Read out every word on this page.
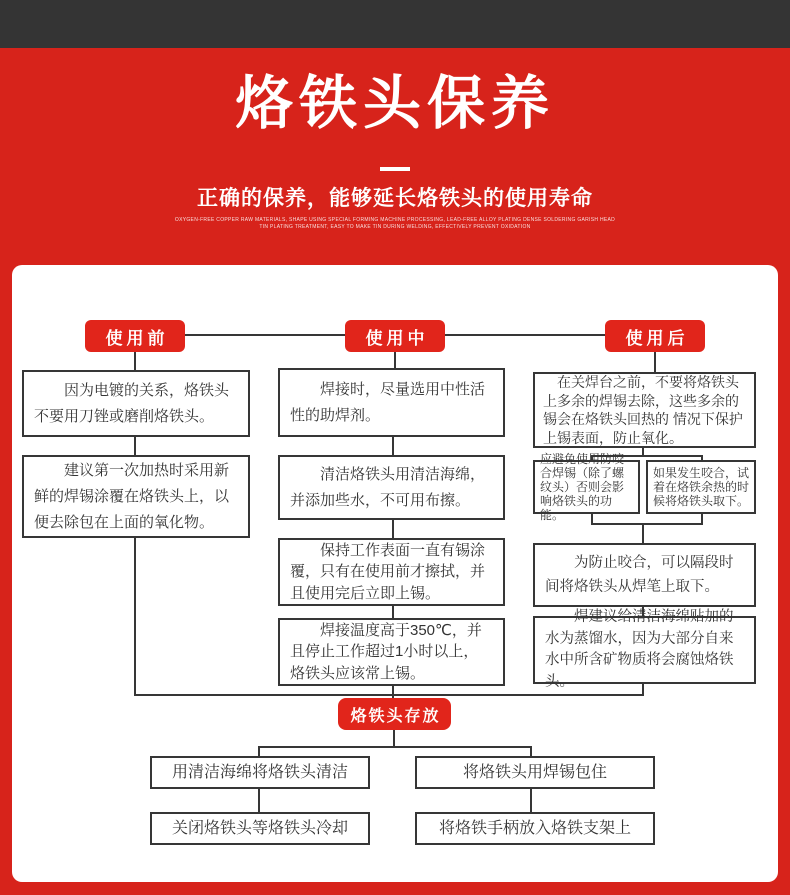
烙铁头保养
正确的保养，能够延长烙铁头的使用寿命
OXYGEN-FREE COPPER RAW MATERIALS, SHAPE USING SPECIAL FORMING MACHINE PROCESSING, LEAD-FREE ALLOY PLATING DENSE SOLDERING GARISH HEAD
TIN PLATING TREATMENT, EASY TO MAKE TIN DURING WELDING, EFFECTIVELY PREVENT OXIDATION
使用前	使用中	使用后

因为电镀的关系，烙铁头不要用刀锉或磨削烙铁头。

建议第一次加热时采用新鲜的焊锡涂覆在烙铁头上，以便去除包在上面的氧化物。

焊接时，尽量选用中性活性的助焊剂。

清洁烙铁头用清洁海绵，并添加些水，不可用布擦。

保持工作表面一直有锡涂覆，只有在使用前才擦拭，并且使用完后立即上锡。

焊接温度高于350℃，并且停止工作超过1小时以上，烙铁头应该常上锡。

在关焊台之前，不要将烙铁头上多余的焊锡去除，这些多余的锡会在烙铁头回热的 情况下保护上锡表面，防止氧化。

应避免使用防咬合焊锡（除了螺纹头）否则会影响烙铁头的功能。

如果发生咬合，试着在烙铁余热的时候将烙铁头取下。

为防止咬合，可以隔段时间将烙铁头从焊笔上取下。

焊建议给清洁海绵贴加的水为蒸馏水，因为大部分自来水中所含矿物质将会腐蚀烙铁头。

烙铁头存放

用清洁海绵将烙铁头清洁

关闭烙铁头等烙铁头冷却

将烙铁头用焊锡包住

将烙铁手柄放入烙铁支架上
